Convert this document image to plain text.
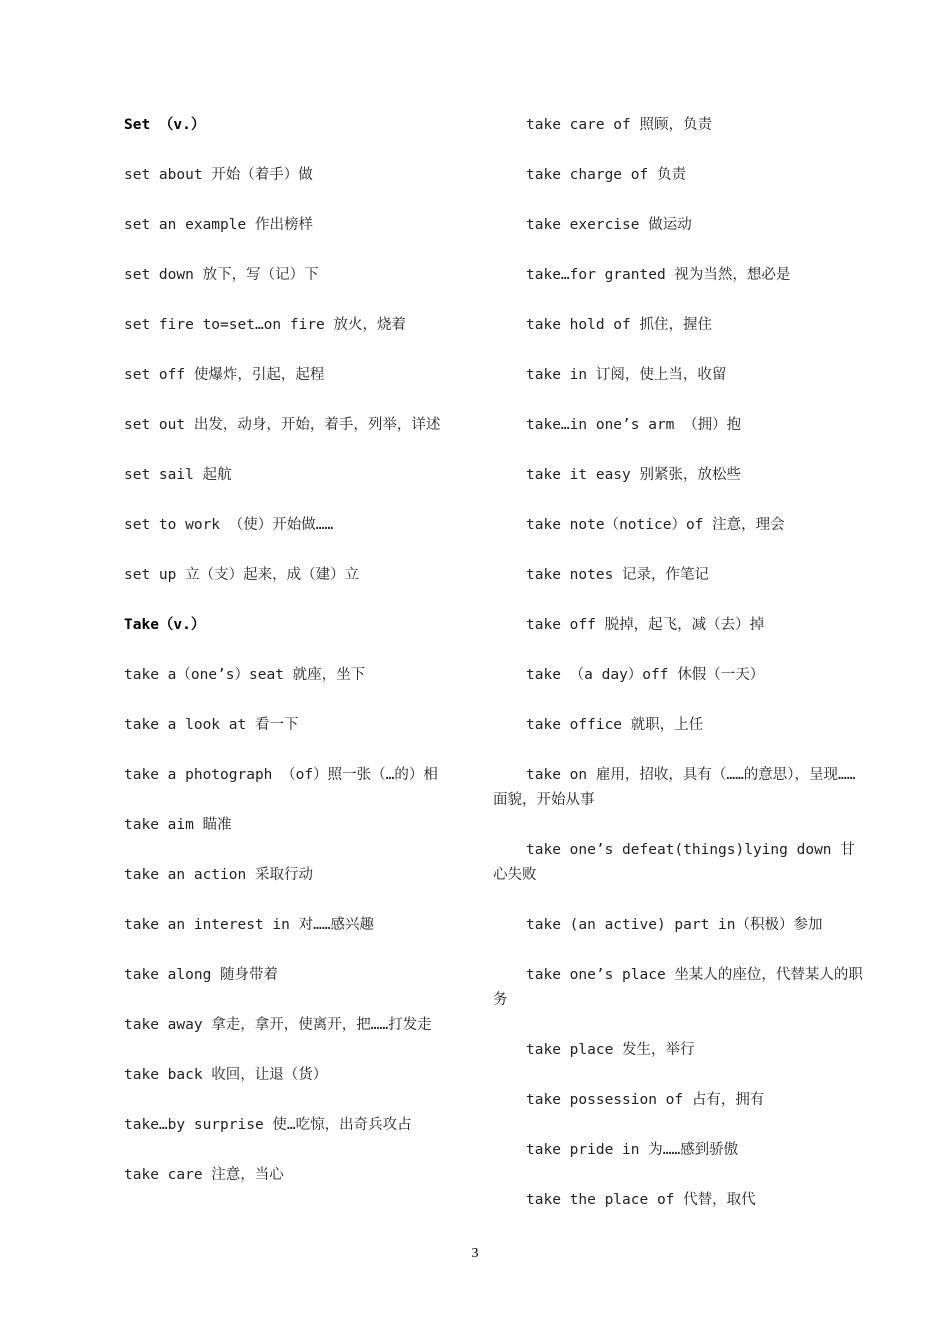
Set （v.）
set about 开始（着手）做
set an example 作出榜样
set down 放下，写（记）下
set fire to=set…on fire 放火，烧着
set off 使爆炸，引起，起程
set out 出发，动身，开始，着手，列举，详述
set sail 起航
set to work （使）开始做……
set up 立（支）起来，成（建）立
Take（v.）
take a（one’s）seat 就座，坐下
take a look at 看一下
take a photograph （of）照一张（…的）相
take aim 瞄准
take an action 采取行动
take an interest in 对……感兴趣
take along 随身带着
take away 拿走，拿开，使离开，把……打发走
take back 收回，让退（货）
take…by surprise 使…吃惊，出奇兵攻占
take care 注意，当心
take care of 照顾，负责
take charge of 负责
take exercise 做运动
take…for granted 视为当然，想必是
take hold of 抓住，握住
take in 订阅，使上当，收留
take…in one’s arm （拥）抱
take it easy 别紧张，放松些
take note（notice）of 注意，理会
take notes 记录，作笔记
take off 脱掉，起飞，减（去）掉
take （a day）off 休假（一天）
take office 就职，上任
take on 雇用，招收，具有（……的意思），呈现……面貌，开始从事
take one’s defeat(things)lying down 甘心失败
take (an active) part in（积极）参加
take one’s place 坐某人的座位，代替某人的职务
take place 发生，举行
take possession of 占有，拥有
take pride in 为……感到骄傲
take the place of 代替，取代
3
